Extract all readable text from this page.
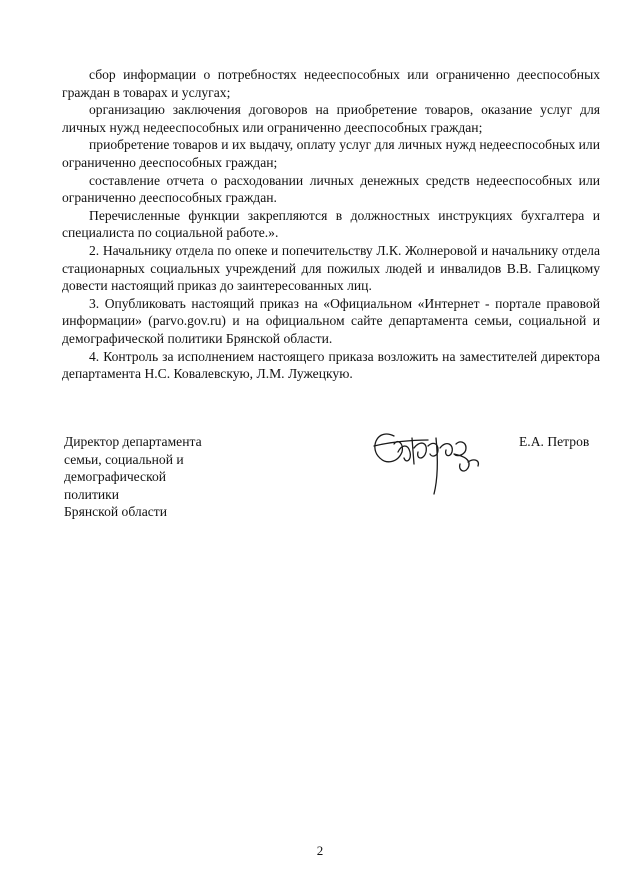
сбор информации о потребностях недееспособных или ограниченно дееспособных граждан в товарах и услугах;

организацию заключения договоров на приобретение товаров, оказание услуг для личных нужд недееспособных или ограниченно дееспособных граждан;

приобретение товаров и их выдачу, оплату услуг для личных нужд недееспособных или ограниченно дееспособных граждан;

составление отчета о расходовании личных денежных средств недееспособных или ограниченно дееспособных граждан.

Перечисленные функции закрепляются в должностных инструкциях бухгалтера и специалиста по социальной работе.».

2. Начальнику отдела по опеке и попечительству Л.К. Жолнеровой и начальнику отдела стационарных социальных учреждений для пожилых людей и инвалидов В.В. Галицкому довести настоящий приказ до заинтересованных лиц.

3. Опубликовать настоящий приказ на «Официальном «Интернет - портале правовой информации» (parvo.gov.ru) и на официальном сайте департамента семьи, социальной и демографической политики Брянской области.

4. Контроль за исполнением настоящего приказа возложить на заместителей директора департамента Н.С. Ковалевскую, Л.М. Лужецкую.

Директор департамента
семьи, социальной и
демографической
политики
Брянской области
Е.А. Петров
2
